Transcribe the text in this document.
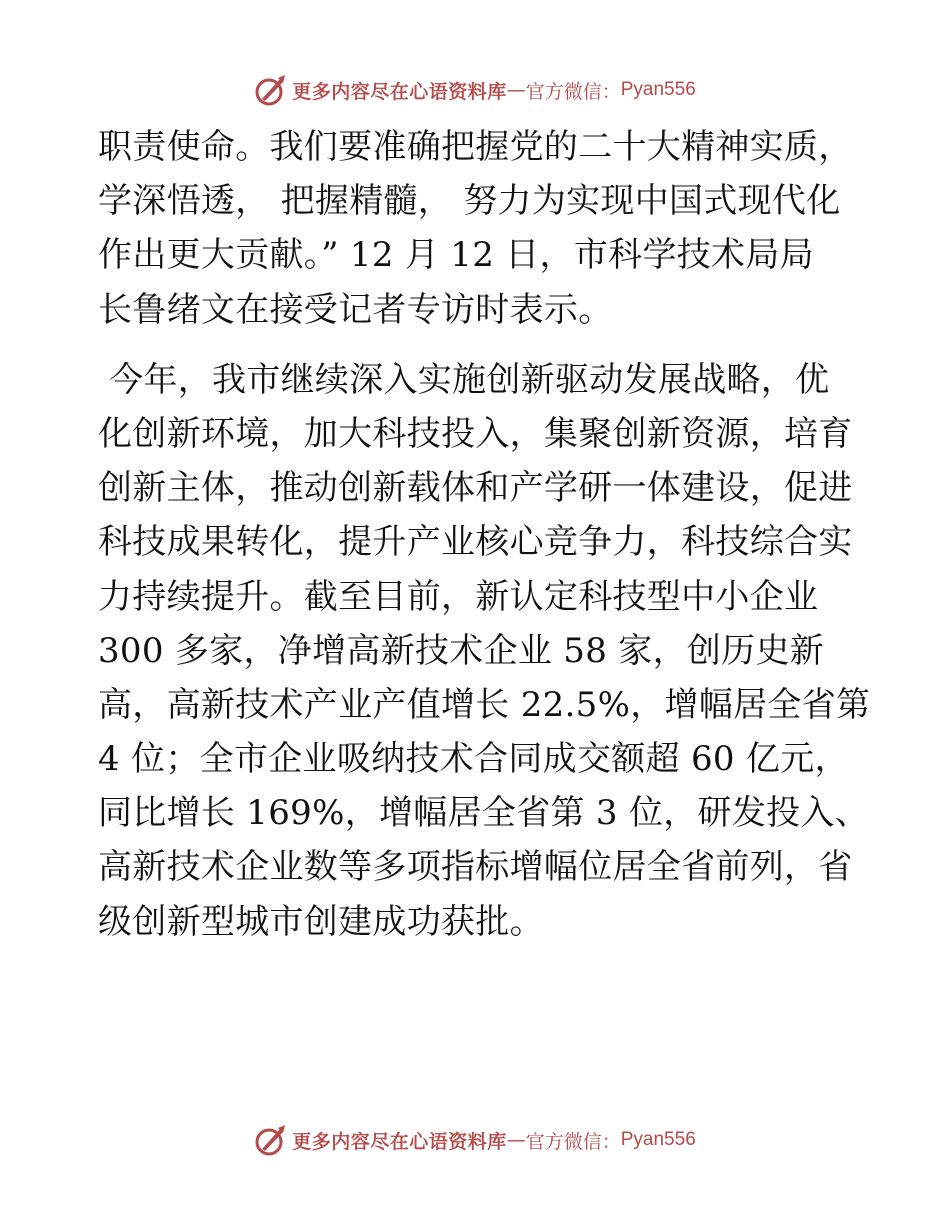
更多内容尽在心语资料库 — 官方微信： Pyan556
职责使命。我们要准确把握党的二十大精神实质，
学深悟透， 把握精髓， 努力为实现中国式现代化
作出更大贡献。” 12 月 12 日，市科学技术局局
长鲁绪文在接受记者专访时表示。
今年，我市继续深入实施创新驱动发展战略，优
化创新环境，加大科技投入，集聚创新资源，培育
创新主体，推动创新载体和产学研一体建设，促进
科技成果转化，提升产业核心竞争力，科技综合实
力持续提升。截至目前，新认定科技型中小企业
300 多家，净增高新技术企业 58 家，创历史新
高，高新技术产业产值增长 22.5%，增幅居全省第
4 位；全市企业吸纳技术合同成交额超 60 亿元，
同比增长 169%，增幅居全省第 3 位，研发投入、
高新技术企业数等多项指标增幅位居全省前列，省
级创新型城市创建成功获批。
更多内容尽在心语资料库 — 官方微信： Pyan556
